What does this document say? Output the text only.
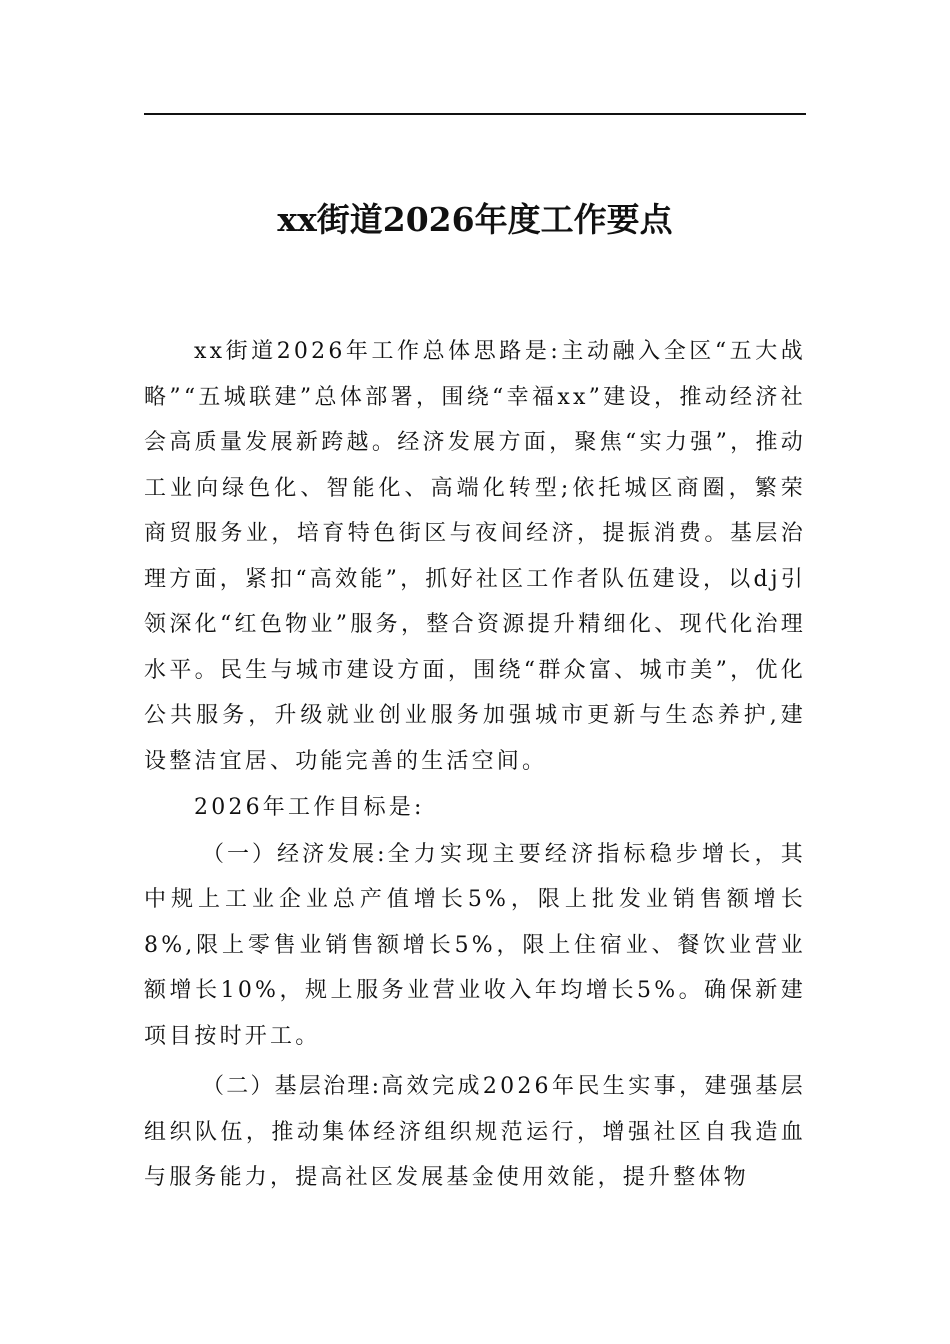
xx街道2026年度工作要点

xx街道2026年工作总体思路是:主动融入全区“五大战略”“五城联建”总体部署，围绕“幸福xx”建设，推动经济社会高质量发展新跨越。经济发展方面，聚焦“实力强”，推动工业向绿色化、智能化、高端化转型;依托城区商圈，繁荣商贸服务业，培育特色街区与夜间经济，提振消费。基层治理方面，紧扣“高效能”，抓好社区工作者队伍建设，以dj引领深化“红色物业”服务，整合资源提升精细化、现代化治理水平。民生与城市建设方面，围绕“群众富、城市美”，优化公共服务，升级就业创业服务加强城市更新与生态养护,建设整洁宜居、功能完善的生活空间。

2026年工作目标是:

（一）经济发展:全力实现主要经济指标稳步增长，其中规上工业企业总产值增长5%，限上批发业销售额增长8%,限上零售业销售额增长5%，限上住宿业、餐饮业营业额增长10%，规上服务业营业收入年均增长5%。确保新建项目按时开工。

（二）基层治理:高效完成2026年民生实事，建强基层组织队伍，推动集体经济组织规范运行，增强社区自我造血与服务能力，提高社区发展基金使用效能，提升整体物
